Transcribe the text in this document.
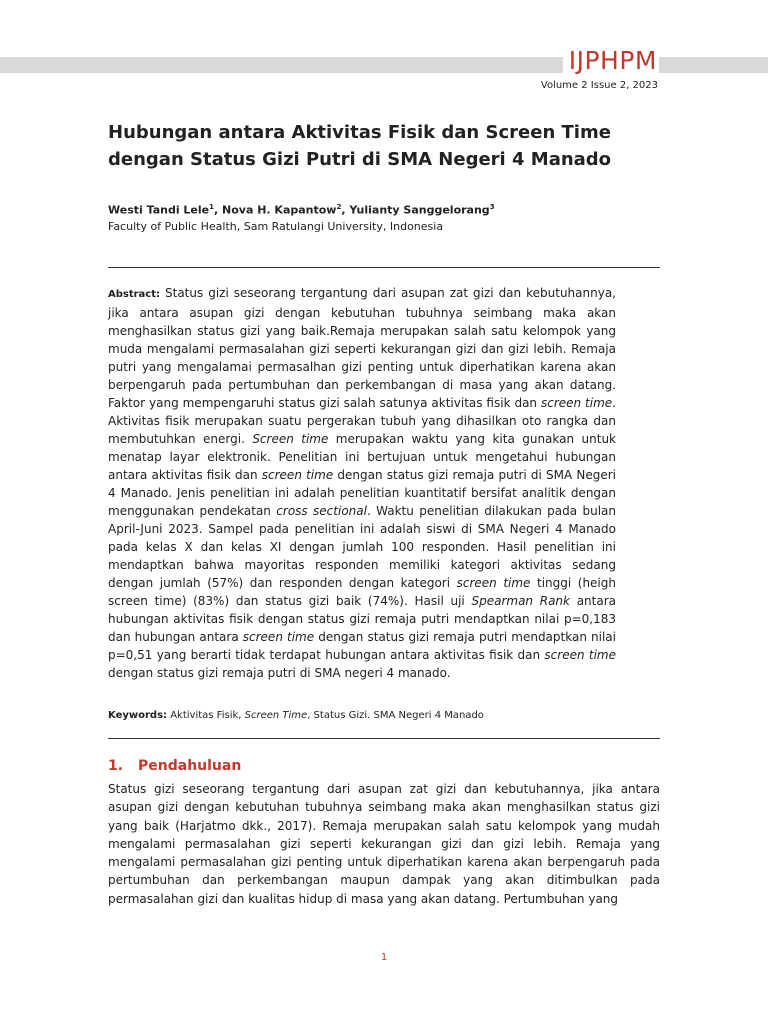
IJPHPM
Volume 2 Issue 2, 2023
Hubungan antara Aktivitas Fisik dan Screen Time dengan Status Gizi Putri di SMA Negeri 4 Manado
Westi Tandi Lele$^1$, Nova H. Kapantow$^2$, Yulianty Sanggelorang$^3$
Faculty of Public Health, Sam Ratulangi University, Indonesia

Abstract: Status gizi seseorang tergantung dari asupan zat gizi dan kebutuhannya, jika antara asupan gizi dengan kebutuhan tubuhnya seimbang maka akan menghasilkan status gizi yang baik.Remaja merupakan salah satu kelompok yang muda mengalami permasalahan gizi seperti kekurangan gizi dan gizi lebih. Remaja putri yang mengalamai permasalhan gizi penting untuk diperhatikan karena akan berpengaruh pada pertumbuhan dan perkembangan di masa yang akan datang. Faktor yang mempengaruhi status gizi salah satunya aktivitas fisik dan screen time. Aktivitas fisik merupakan suatu pergerakan tubuh yang dihasilkan oto rangka dan membutuhkan energi. Screen time merupakan waktu yang kita gunakan untuk menatap layar elektronik. Penelitian ini bertujuan untuk mengetahui hubungan antara aktivitas fisik dan screen time dengan status gizi remaja putri di SMA Negeri 4 Manado. Jenis penelitian ini adalah penelitian kuantitatif bersifat analitik dengan menggunakan pendekatan cross sectional. Waktu penelitian dilakukan pada bulan April-Juni 2023. Sampel pada penelitian ini adalah siswi di SMA Negeri 4 Manado pada kelas X dan kelas XI dengan jumlah 100 responden. Hasil penelitian ini mendaptkan bahwa mayoritas responden memiliki kategori aktivitas sedang dengan jumlah (57%) dan responden dengan kategori screen time tinggi (heigh screen time) (83%) dan status gizi baik (74%). Hasil uji Spearman Rank antara hubungan aktivitas fisik dengan status gizi remaja putri mendaptkan nilai p=0,183 dan hubungan antara screen time dengan status gizi remaja putri mendaptkan nilai p=0,51 yang berarti tidak terdapat hubungan antara aktivitas fisik dan screen time dengan status gizi remaja putri di SMA negeri 4 manado.

Keywords: Aktivitas Fisik, Screen Time, Status Gizi. SMA Negeri 4 Manado
1. Pendahuluan

Status gizi seseorang tergantung dari asupan zat gizi dan kebutuhannya, jika antara asupan gizi dengan kebutuhan tubuhnya seimbang maka akan menghasilkan status gizi yang baik (Harjatmo dkk., 2017). Remaja merupakan salah satu kelompok yang mudah mengalami permasalahan gizi seperti kekurangan gizi dan gizi lebih. Remaja yang mengalami permasalahan gizi penting untuk diperhatikan karena akan berpengaruh pada pertumbuhan dan perkembangan maupun dampak yang akan ditimbulkan pada permasalahan gizi dan kualitas hidup di masa yang akan datang. Pertumbuhan yang

1
